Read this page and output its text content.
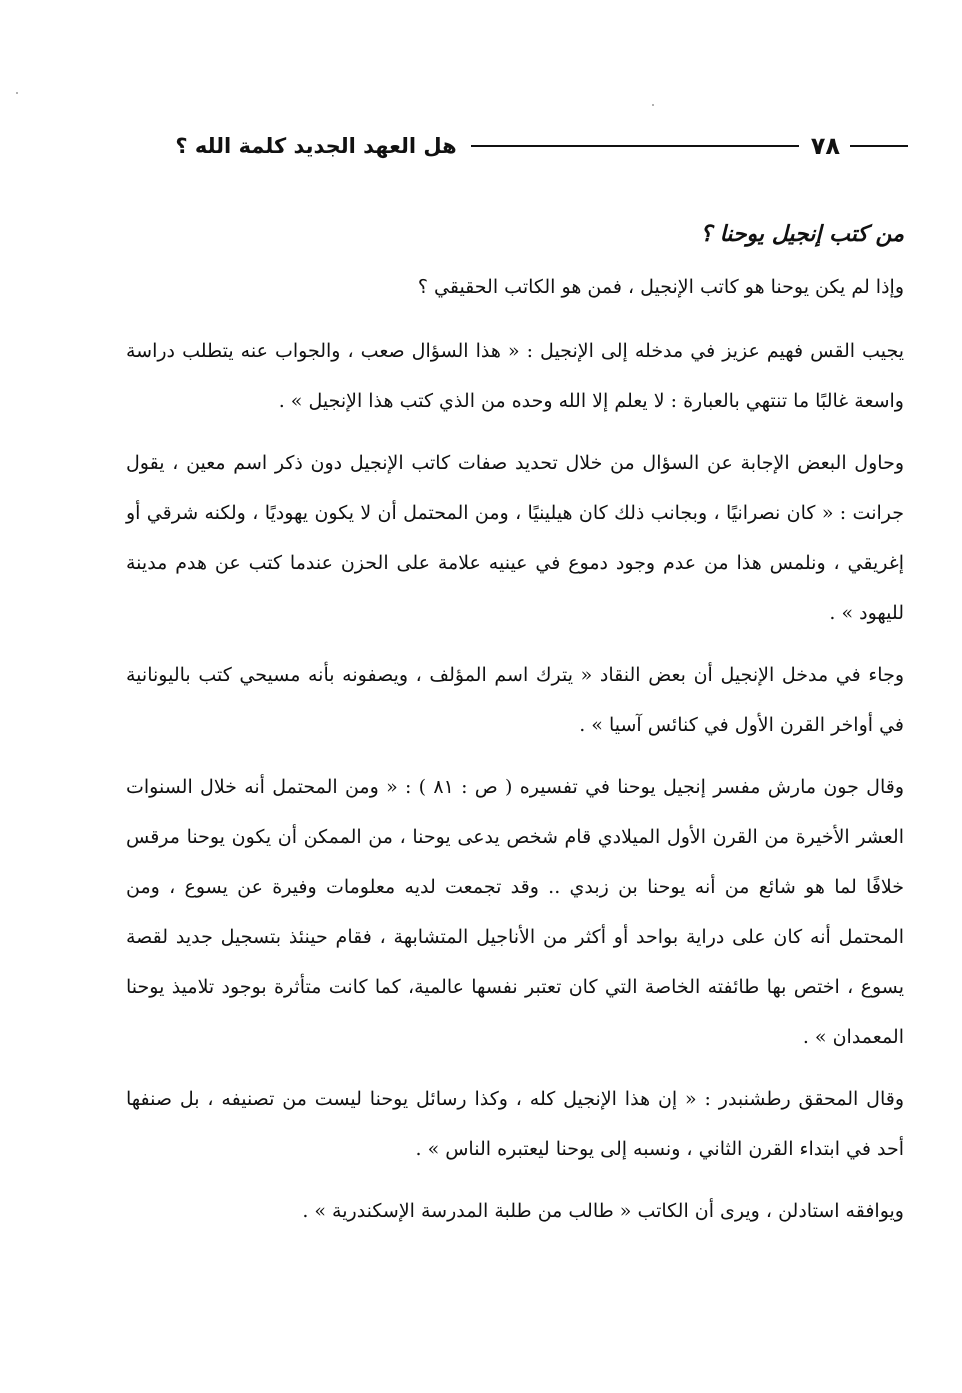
٧٨
هل العهد الجديد كلمة الله ؟
من كتب إنجيل يوحنا ؟

وإذا لم يكن يوحنا هو كاتب الإنجيل ، فمن هو الكاتب الحقيقي ؟

يجيب القس فهيم عزيز في مدخله إلى الإنجيل : « هذا السؤال صعب ، والجواب عنه يتطلب دراسة واسعة غالبًا ما تنتهي بالعبارة : لا يعلم إلا الله وحده من الذي كتب هذا الإنجيل » .

وحاول البعض الإجابة عن السؤال من خلال تحديد صفات كاتب الإنجيل دون ذكر اسم معين ، يقول جرانت : « كان نصرانيًا ، وبجانب ذلك كان هيلينيًا ، ومن المحتمل أن لا يكون يهوديًا ، ولكنه شرقي أو إغريقي ، ونلمس هذا من عدم وجود دموع في عينيه علامة على الحزن عندما كتب عن هدم مدينة لليهود » .

وجاء في مدخل الإنجيل أن بعض النقاد « يترك اسم المؤلف ، ويصفونه بأنه مسيحي كتب باليونانية في أواخر القرن الأول في كنائس آسيا » .

وقال جون مارش مفسر إنجيل يوحنا في تفسيره ( ص : ٨١ ) : « ومن المحتمل أنه خلال السنوات العشر الأخيرة من القرن الأول الميلادي قام شخص يدعى يوحنا ، من الممكن أن يكون يوحنا مرقس خلافًا لما هو شائع من أنه يوحنا بن زبدي .. وقد تجمعت لديه معلومات وفيرة عن يسوع ، ومن المحتمل أنه كان على دراية بواحد أو أكثر من الأناجيل المتشابهة ، فقام حينئذ بتسجيل جديد لقصة يسوع ، اختص بها طائفته الخاصة التي كان تعتبر نفسها عالمية، كما كانت متأثرة بوجود تلاميذ يوحنا المعمدان » .

وقال المحقق رطشنبدر : « إن هذا الإنجيل كله ، وكذا رسائل يوحنا ليست من تصنيفه ، بل صنفها أحد في ابتداء القرن الثاني ، ونسبه إلى يوحنا ليعتبره الناس » .

ويوافقه استادلن ، ويرى أن الكاتب « طالب من طلبة المدرسة الإسكندرية » .
